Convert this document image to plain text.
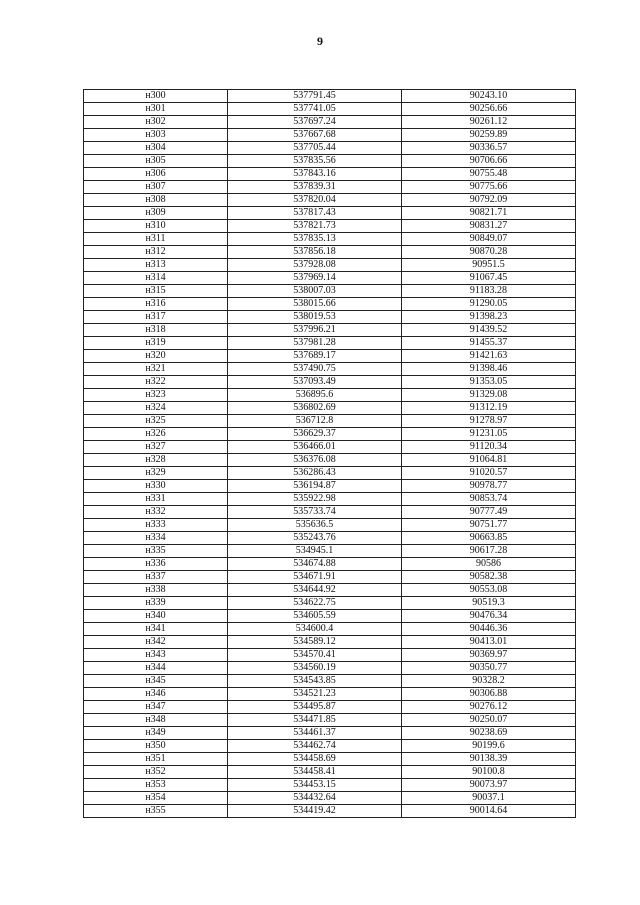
9
н300	537791.45	90243.10
н301	537741.05	90256.66
н302	537697.24	90261.12
н303	537667.68	90259.89
н304	537705.44	90336.57
н305	537835.56	90706.66
н306	537843.16	90755.48
н307	537839.31	90775.66
н308	537820.04	90792.09
н309	537817.43	90821.71
н310	537821.73	90831.27
н311	537835.13	90849.07
н312	537856.18	90870.28
н313	537928.08	90951.5
н314	537969.14	91067.45
н315	538007.03	91183.28
н316	538015.66	91290.05
н317	538019.53	91398.23
н318	537996.21	91439.52
н319	537981.28	91455.37
н320	537689.17	91421.63
н321	537490.75	91398.46
н322	537093.49	91353.05
н323	536895.6	91329.08
н324	536802.69	91312.19
н325	536712.8	91278.97
н326	536629.37	91231.05
н327	536466.01	91120.34
н328	536376.08	91064.81
н329	536286.43	91020.57
н330	536194.87	90978.77
н331	535922.98	90853.74
н332	535733.74	90777.49
н333	535636.5	90751.77
н334	535243.76	90663.85
н335	534945.1	90617.28
н336	534674.88	90586
н337	534671.91	90582.38
н338	534644.92	90553.08
н339	534622.75	90519.3
н340	534605.59	90476.34
н341	534600.4	90446.36
н342	534589.12	90413.01
н343	534570.41	90369.97
н344	534560.19	90350.77
н345	534543.85	90328.2
н346	534521.23	90306.88
н347	534495.87	90276.12
н348	534471.85	90250.07
н349	534461.37	90238.69
н350	534462.74	90199.6
н351	534458.69	90138.39
н352	534458.41	90100.8
н353	534453.15	90073.97
н354	534432.64	90037.1
н355	534419.42	90014.64
